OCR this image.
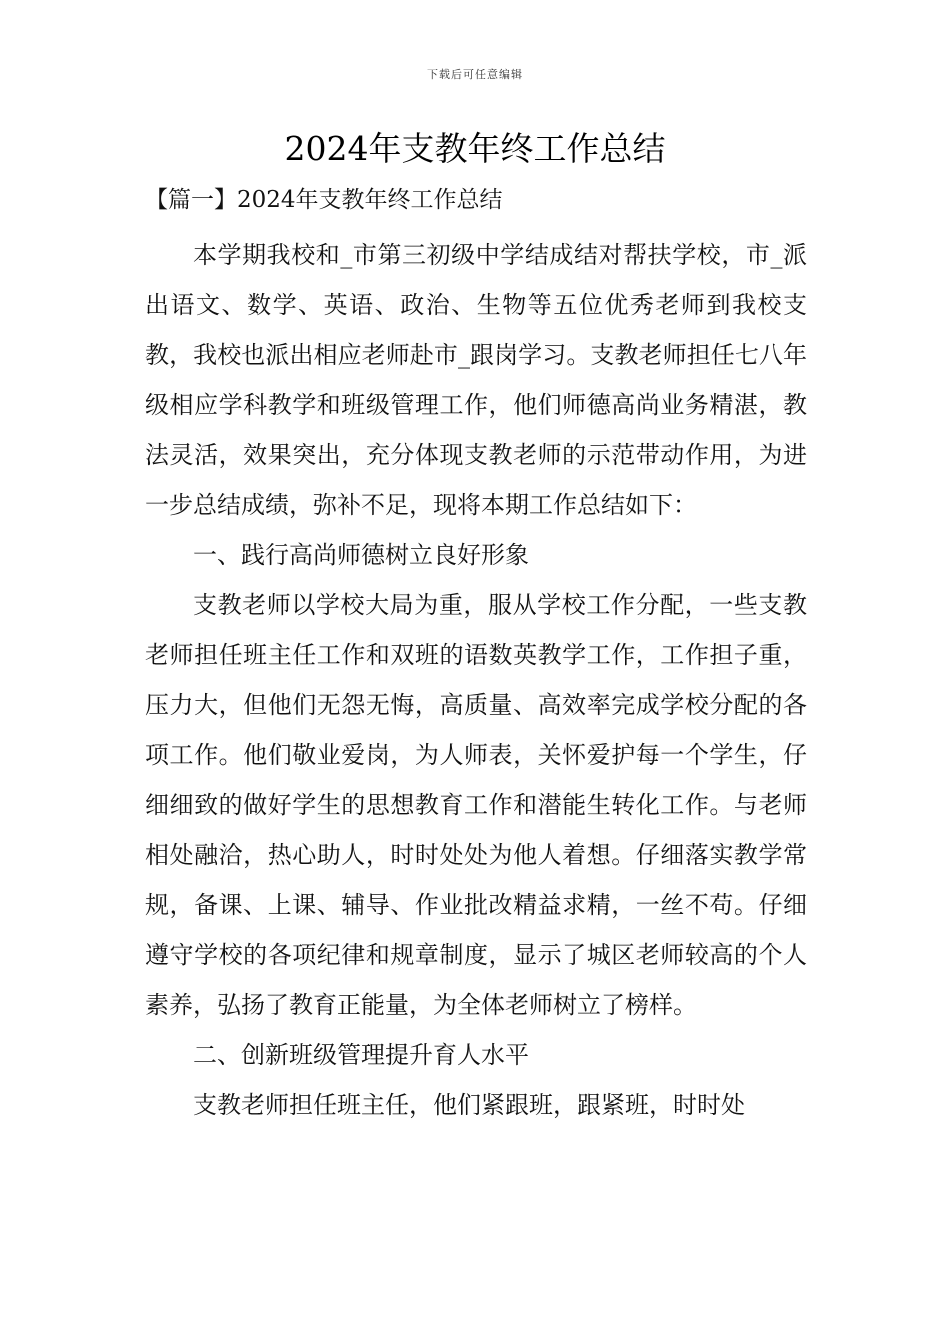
下载后可任意编辑
2024年支教年终工作总结
【篇一】2024年支教年终工作总结

本学期我校和_市第三初级中学结成结对帮扶学校，市_派出语文、数学、英语、政治、生物等五位优秀老师到我校支教，我校也派出相应老师赴市_跟岗学习。支教老师担任七八年级相应学科教学和班级管理工作，他们师德高尚业务精湛，教法灵活，效果突出，充分体现支教老师的示范带动作用，为进一步总结成绩，弥补不足，现将本期工作总结如下：

一、践行高尚师德树立良好形象

支教老师以学校大局为重，服从学校工作分配，一些支教老师担任班主任工作和双班的语数英教学工作，工作担子重，压力大，但他们无怨无悔，高质量、高效率完成学校分配的各项工作。他们敬业爱岗，为人师表，关怀爱护每一个学生，仔细细致的做好学生的思想教育工作和潜能生转化工作。与老师相处融洽，热心助人，时时处处为他人着想。仔细落实教学常规，备课、上课、辅导、作业批改精益求精，一丝不苟。仔细遵守学校的各项纪律和规章制度，显示了城区老师较高的个人素养，弘扬了教育正能量，为全体老师树立了榜样。

二、创新班级管理提升育人水平

支教老师担任班主任，他们紧跟班，跟紧班，时时处
